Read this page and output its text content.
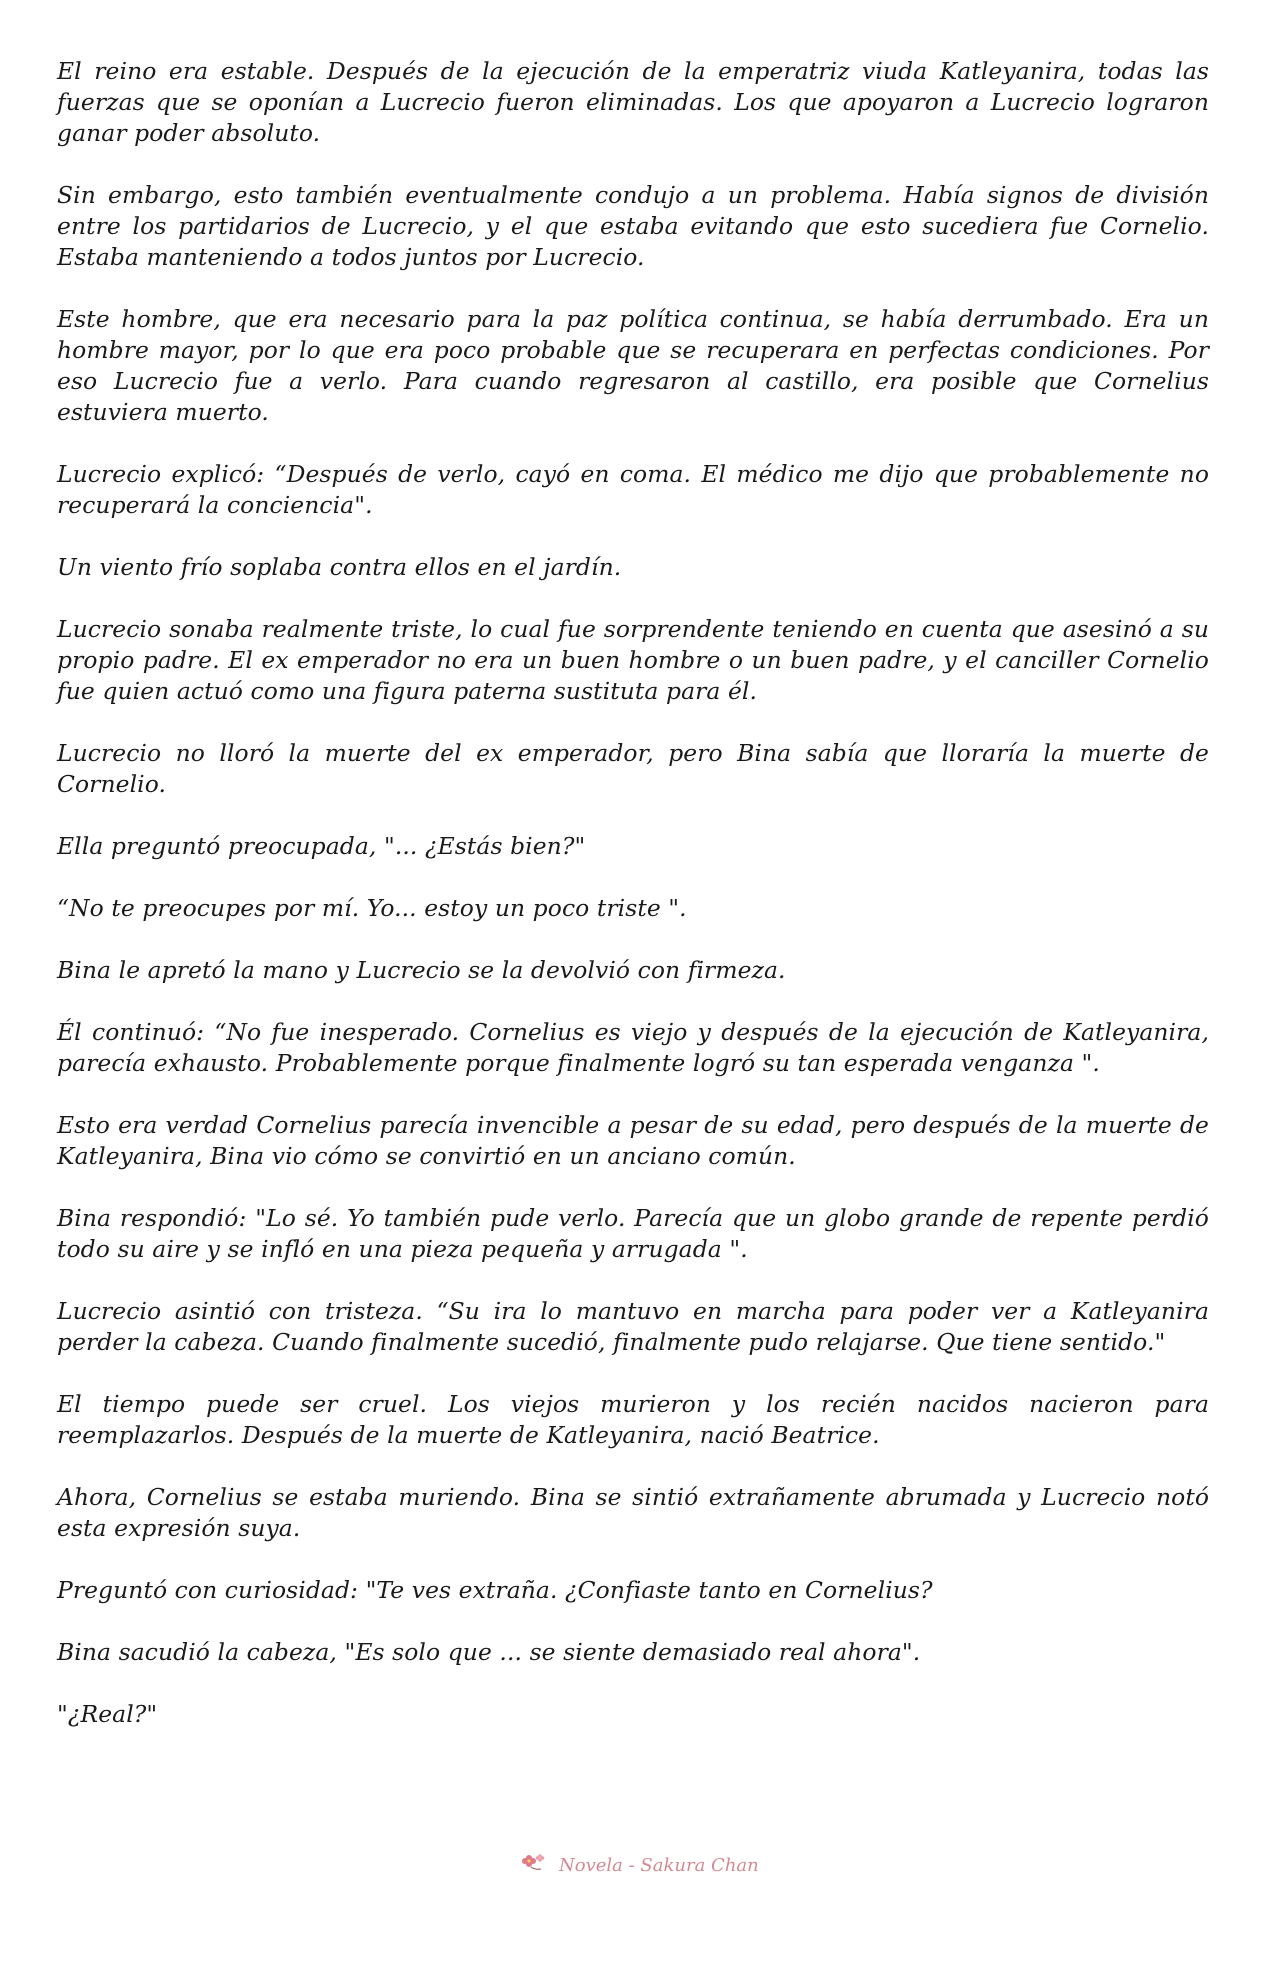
El reino era estable. Después de la ejecución de la emperatriz viuda Katleyanira, todas las fuerzas que se oponían a Lucrecio fueron eliminadas. Los que apoyaron a Lucrecio lograron ganar poder absoluto.

Sin embargo, esto también eventualmente condujo a un problema. Había signos de división entre los partidarios de Lucrecio, y el que estaba evitando que esto sucediera fue Cornelio. Estaba manteniendo a todos juntos por Lucrecio.

Este hombre, que era necesario para la paz política continua, se había derrumbado. Era un hombre mayor, por lo que era poco probable que se recuperara en perfectas condiciones. Por eso Lucrecio fue a verlo. Para cuando regresaron al castillo, era posible que Cornelius estuviera muerto.

Lucrecio explicó: “Después de verlo, cayó en coma. El médico me dijo que probablemente no recuperará la conciencia".

Un viento frío soplaba contra ellos en el jardín.

Lucrecio sonaba realmente triste, lo cual fue sorprendente teniendo en cuenta que asesinó a su propio padre. El ex emperador no era un buen hombre o un buen padre, y el canciller Cornelio fue quien actuó como una figura paterna sustituta para él.

Lucrecio no lloró la muerte del ex emperador, pero Bina sabía que lloraría la muerte de Cornelio.

Ella preguntó preocupada, "... ¿Estás bien?"

“No te preocupes por mí. Yo... estoy un poco triste ".

Bina le apretó la mano y Lucrecio se la devolvió con firmeza.

Él continuó: “No fue inesperado. Cornelius es viejo y después de la ejecución de Katleyanira, parecía exhausto. Probablemente porque finalmente logró su tan esperada venganza ".

Esto era verdad Cornelius parecía invencible a pesar de su edad, pero después de la muerte de Katleyanira, Bina vio cómo se convirtió en un anciano común.

Bina respondió: "Lo sé. Yo también pude verlo. Parecía que un globo grande de repente perdió todo su aire y se infló en una pieza pequeña y arrugada ".

Lucrecio asintió con tristeza. “Su ira lo mantuvo en marcha para poder ver a Katleyanira perder la cabeza. Cuando finalmente sucedió, finalmente pudo relajarse. Que tiene sentido."

El tiempo puede ser cruel. Los viejos murieron y los recién nacidos nacieron para reemplazarlos. Después de la muerte de Katleyanira, nació Beatrice.

Ahora, Cornelius se estaba muriendo. Bina se sintió extrañamente abrumada y Lucrecio notó esta expresión suya.

Preguntó con curiosidad: "Te ves extraña. ¿Confiaste tanto en Cornelius?

Bina sacudió la cabeza, "Es solo que ... se siente demasiado real ahora".

"¿Real?"

Novela - Sakura Chan
